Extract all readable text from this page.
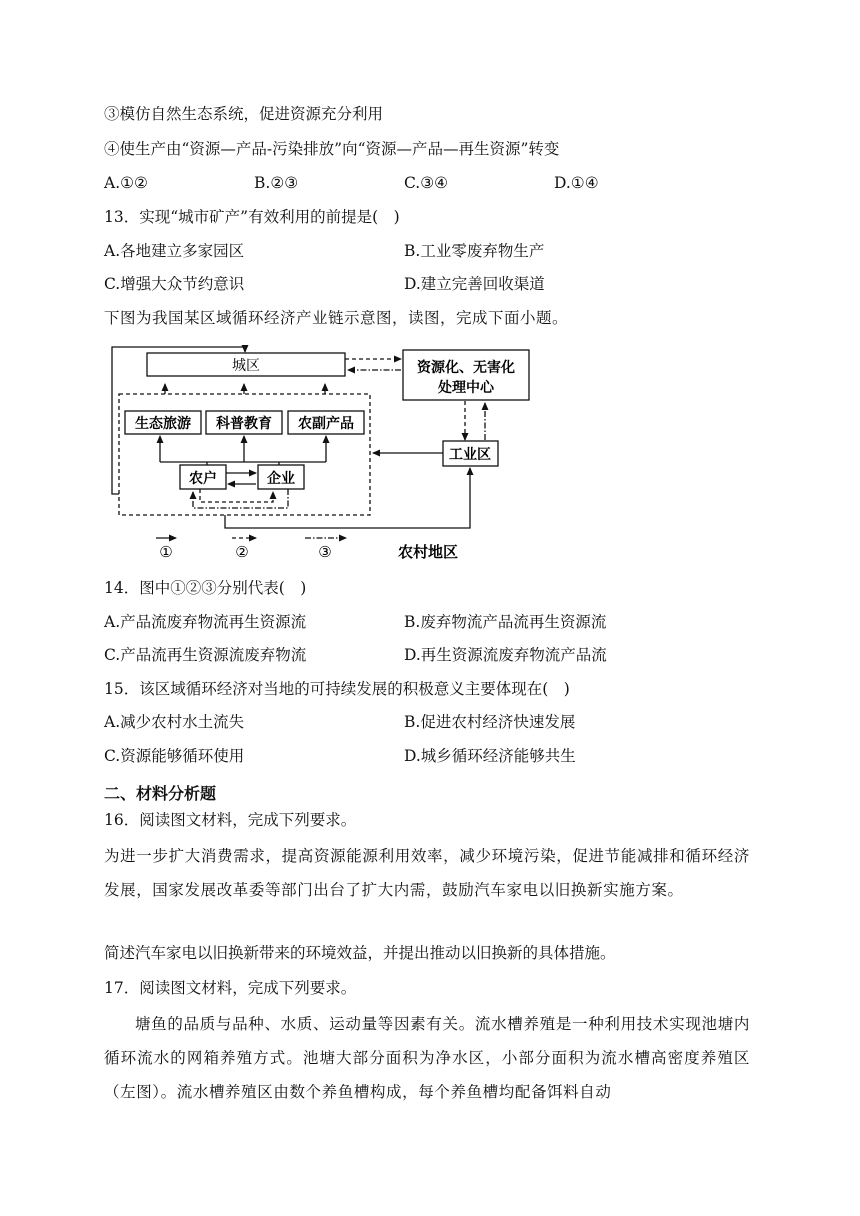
③模仿自然生态系统，促进资源充分利用
④使生产由“资源—产品-污染排放”向“资源—产品—再生资源”转变
A.①②	B.②③	C.③④	D.①④
13．实现“城市矿产”有效利用的前提是( )
A.各地建立多家园区	B.工业零废弃物生产
C.增强大众节约意识	D.建立完善回收渠道
下图为我国某区域循环经济产业链示意图，读图，完成下面小题。
城区	资源化、无害化
处理中心
生态旅游 科普教育 农副产品
农户	企业
工业区
①	②	③	农村地区
14．图中①②③分别代表( )
A.产品流废弃物流再生资源流	B.废弃物流产品流再生资源流
C.产品流再生资源流废弃物流	D.再生资源流废弃物流产品流
15．该区域循环经济对当地的可持续发展的积极意义主要体现在( )
A.减少农村水土流失	B.促进农村经济快速发展
C.资源能够循环使用	D.城乡循环经济能够共生
二、材料分析题
16．阅读图文材料，完成下列要求。
为进一步扩大消费需求，提高资源能源利用效率，减少环境污染，促进节能减排和循环经济发展，国家发展改革委等部门出台了扩大内需，鼓励汽车家电以旧换新实施方案。
简述汽车家电以旧换新带来的环境效益，并提出推动以旧换新的具体措施。
17．阅读图文材料，完成下列要求。
塘鱼的品质与品种、水质、运动量等因素有关。流水槽养殖是一种利用技术实现池塘内循环流水的网箱养殖方式。池塘大部分面积为净水区，小部分面积为流水槽高密度养殖区（左图）。流水槽养殖区由数个养鱼槽构成，每个养鱼槽均配备饵料自动
